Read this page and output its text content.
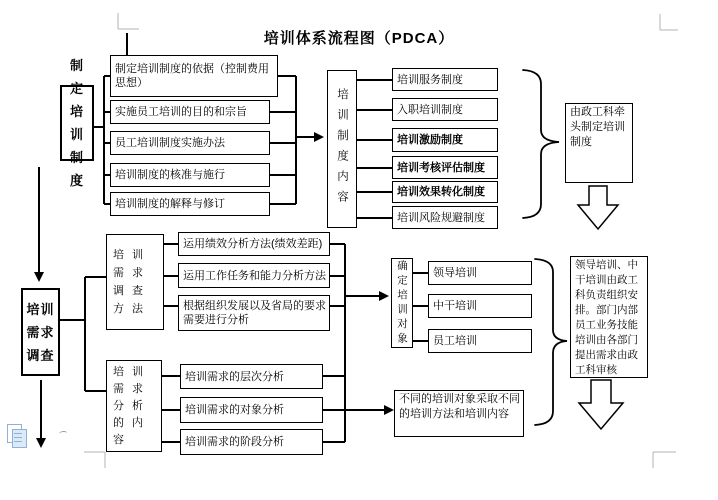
培训体系流程图（PDCA）
制定培训制度
培训需求调查
制定培训制度的依据（控制费用思想）
实施员工培训的目的和宗旨
员工培训制度实施办法
培训制度的核准与施行
培训制度的解释与修订	培训制度内容
培训服务制度
入职培训制度
培训激励制度
培训考核评估制度
培训效果转化制度
培训风险规避制度
由政工科牵头制定培训制度
培训需求调查方法
运用绩效分析方法(绩效差距)
运用工作任务和能力分析方法
根据组织发展以及省局的要求需要进行分析
培训需求分析的内容
培训需求的层次分析
培训需求的对象分析
培训需求的阶段分析
确定培训对象	领导培训
中干培训
员工培训
领导培训、中干培训由政工科负责组织安排。部门内部员工业务技能培训由各部门提出需求由政工科审核
不同的培训对象采取不同的培训方法和培训内容
